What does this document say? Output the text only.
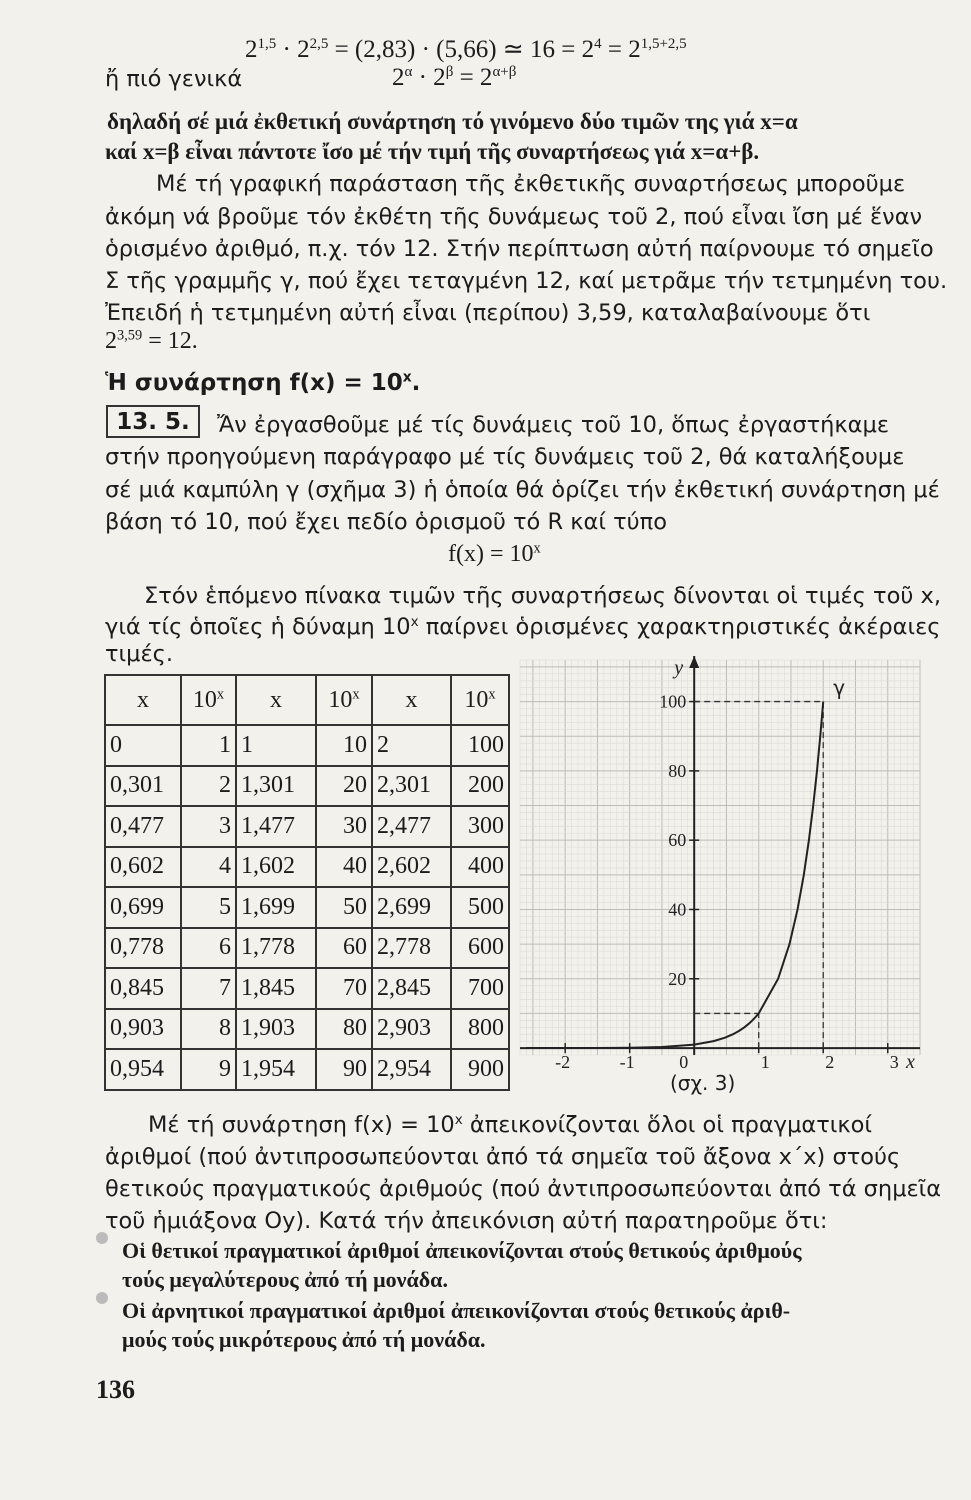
$2^{1,5} \cdot 2^{2,5} = (2,83) \cdot (5,66)$ ≃ $16 = 2^4 = 2^{1,5+2,5}$
ἤ πιό γενικά	$2^\alpha \cdot 2^\beta = 2^{\alpha+\beta}$
δηλαδή σέ μιά ἐκθετική συνάρτηση τό γινόμενο δύο τιμῶν της γιά x=α
καί x=β εἶναι πάντοτε ἴσο μέ τήν τιμή τῆς συναρτήσεως γιά x=α+β.
Μέ τή γραφική παράσταση τῆς ἐκθετικῆς συναρτήσεως μποροῦμε
ἀκόμη νά βροῦμε τόν ἐκθέτη τῆς δυνάμεως τοῦ 2, πού εἶναι ἴση μέ ἕναν
ὁρισμένο ἀριθμό, π.χ. τόν 12. Στήν περίπτωση αὐτή παίρνουμε τό σημεῖο
Σ τῆς γραμμῆς γ, πού ἔχει τεταγμένη 12, καί μετρᾶμε τήν τετμημένη του.
Ἐπειδή ἡ τετμημένη αὐτή εἶναι (περίπου) 3,59, καταλαβαίνουμε ὅτι
$2^{3,59} = 12$.
Ἡ συνάρτηση $f(x) = 10^x$.
13. 5.	Ἄν ἐργασθοῦμε μέ τίς δυνάμεις τοῦ 10, ὅπως ἐργαστήκαμε
στήν προηγούμενη παράγραφο μέ τίς δυνάμεις τοῦ 2, θά καταλήξουμε
σέ μιά καμπύλη γ (σχῆμα 3) ἡ ὁποία θά ὁρίζει τήν ἐκθετική συνάρτηση μέ
βάση τό 10, πού ἔχει πεδίο ὁρισμοῦ τό R καί τύπο
$f(x) = 10^x$
Στόν ἑπόμενο πίνακα τιμῶν τῆς συναρτήσεως δίνονται οἱ τιμές τοῦ x,
γιά τίς ὁποῖες ἡ δύναμη 10$^x$ παίρνει ὁρισμένες χαρακτηριστικές ἀκέραιες
τιμές.
x	10$^x$	x	10$^x$	x	10$^x$
0	1	1	10	2	100
0,301	2	1,301	20	2,301	200
0,477	3	1,477	30	2,477	300
0,602	4	1,602	40	2,602	400
0,699	5	1,699	50	2,699	500
0,778	6	1,778	60	2,778	600
0,845	7	1,845	70	2,845	700
0,903	8	1,903	80	2,903	800
0,954	9	1,954	90	2,954	900	-2	-1 0	1	2	3
20
40
60
80
100
x
y
γ
(σχ. 3)
Μέ τή συνάρτηση $f(x) = 10^x$ ἀπεικονίζονται ὅλοι οἱ πραγματικοί
ἀριθμοί (πού ἀντιπροσωπεύονται ἀπό τά σημεῖα τοῦ ἄξονα x΄x) στούς
θετικούς πραγματικούς ἀριθμούς (πού ἀντιπροσωπεύονται ἀπό τά σημεῖα
τοῦ ἡμιάξονα Oy). Κατά τήν ἀπεικόνιση αὐτή παρατηροῦμε ὅτι:
Οἱ θετικοί πραγματικοί ἀριθμοί ἀπεικονίζονται στούς θετικούς ἀριθμούς
τούς μεγαλύτερους ἀπό τή μονάδα.
Οἱ ἀρνητικοί πραγματικοί ἀριθμοί ἀπεικονίζονται στούς θετικούς ἀριθ-
μούς τούς μικρότερους ἀπό τή μονάδα.
136
